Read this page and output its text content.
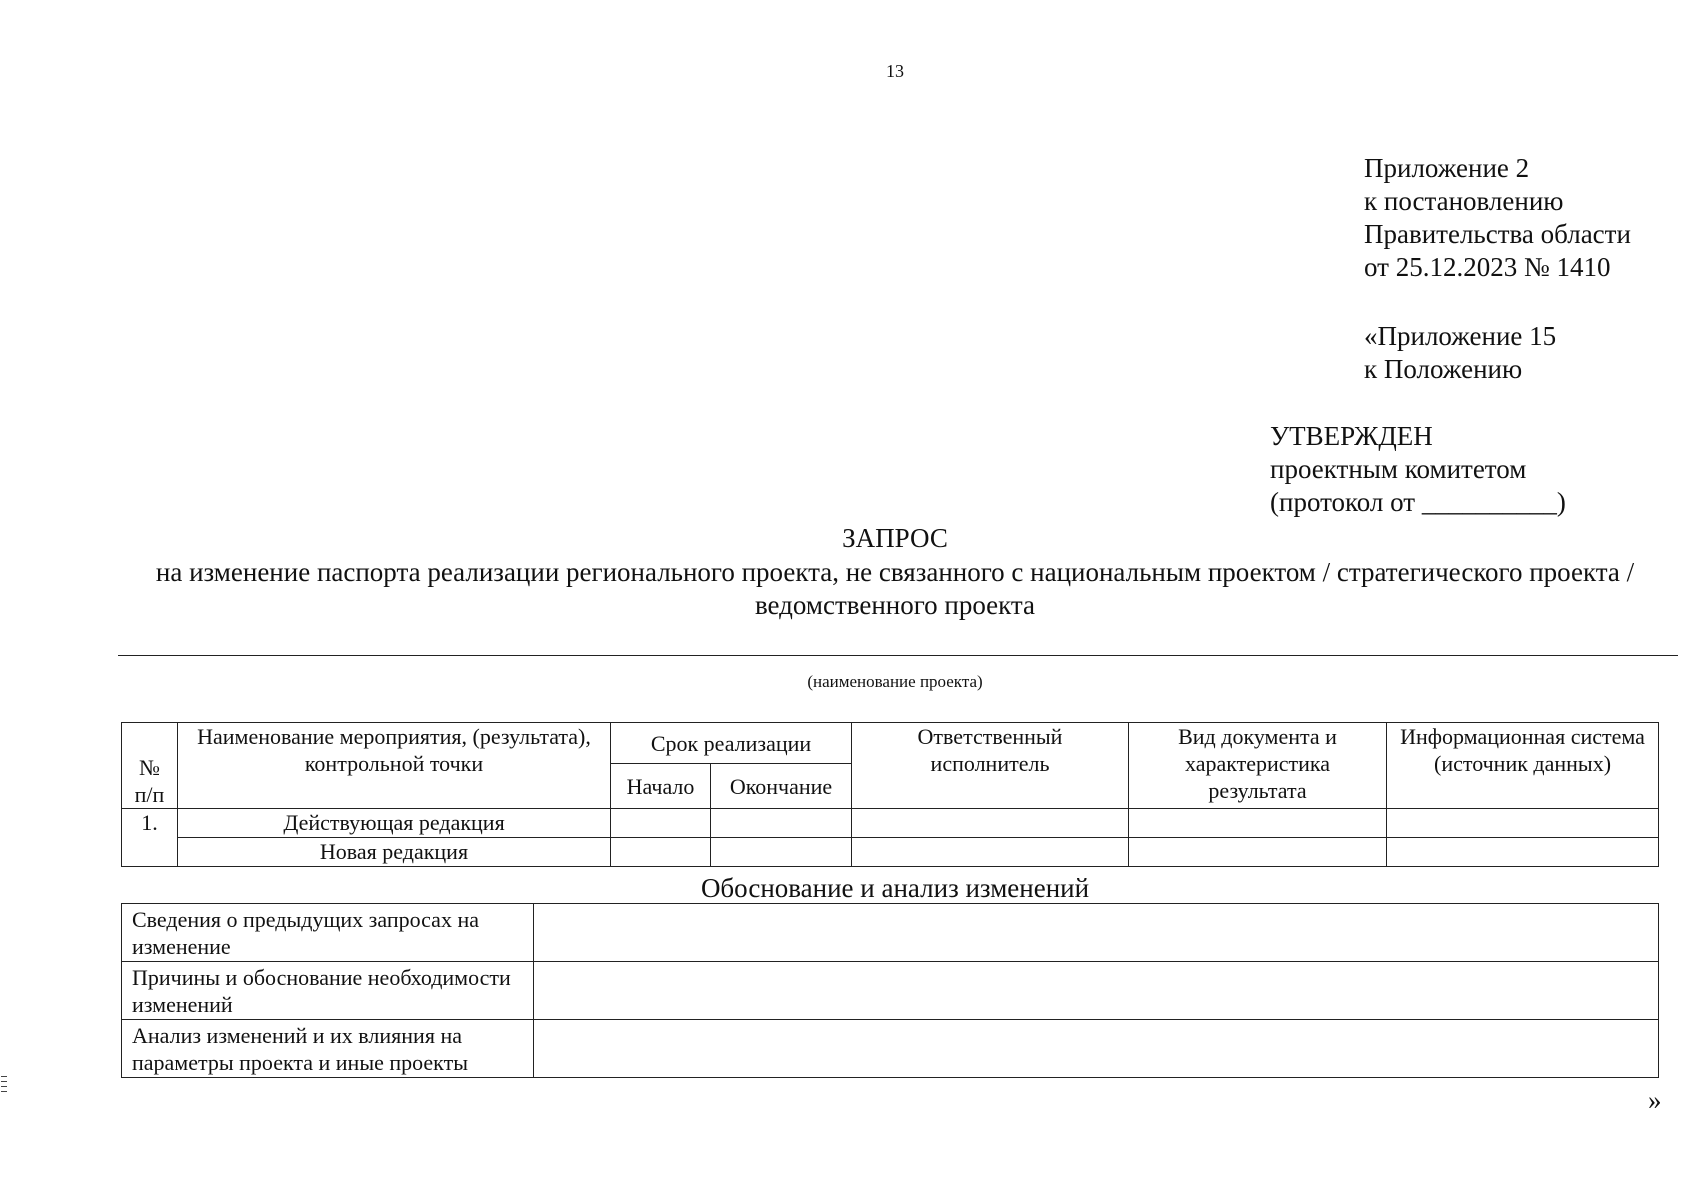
13
Приложение 2
к постановлению
Правительства области
от 25.12.2023 № 1410
«Приложение 15
к Положению
УТВЕРЖДЕН
проектным комитетом
(протокол от __________)
ЗАПРОС
на изменение паспорта реализации регионального проекта, не связанного с национальным проектом / стратегического проекта / ведомственного проекта
(наименование проекта)
№ п/п	Наименование мероприятия, (результата), контрольной точки	Срок реализации		Ответственный исполнитель	Вид документа и характеристика результата	Информационная система (источник данных)
		Начало	Окончание			
1.	Действующая редакция					
	Новая редакция					
Обоснование и анализ изменений
Сведения о предыдущих запросах на изменение	
Причины и обоснование необходимости изменений	
Анализ изменений и их влияния на параметры проекта и иные проекты	
»
